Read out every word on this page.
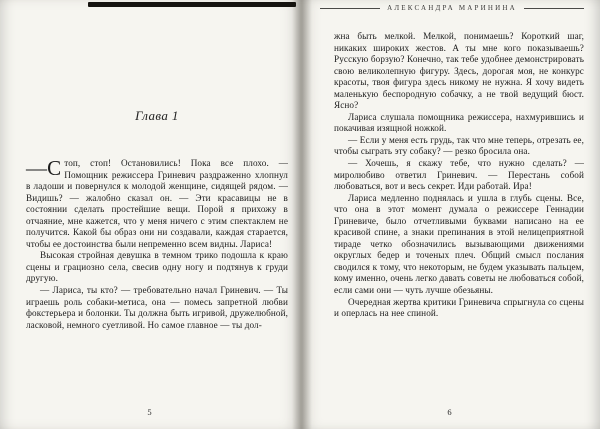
Глава 1

—С топ, стоп! Остановились! Пока все плохо. — Помощник режиссера Гриневич раздраженно хлопнул в ладоши и повернулся к молодой женщине, сидящей рядом. — Видишь? — жалобно сказал он. — Эти красавицы не в состоянии сделать простейшие вещи. Порой я прихожу в отчаяние, мне кажется, что у меня ничего с этим спектаклем не получится. Какой бы образ они ни создавали, каждая старается, чтобы ее достоинства были непременно всем видны. Лариса!

Высокая стройная девушка в темном трико подошла к краю сцены и грациозно села, свесив одну ногу и подтянув к груди другую.

— Лариса, ты кто? — требовательно начал Гриневич. — Ты играешь роль собаки-метиса, она — помесь запретной любви фокстерьера и болонки. Ты должна быть игривой, дружелюбной, ласковой, немного суетливой. Но самое главное — ты дол-

5
АЛЕКСАНДРА МАРИНИНА

жна быть мелкой. Мелкой, понимаешь? Короткий шаг, никаких широких жестов. А ты мне кого показываешь? Русскую борзую? Конечно, так тебе удобнее демонстрировать свою великолепную фигуру. Здесь, дорогая моя, не конкурс красоты, твоя фигура здесь никому не нужна. Я хочу видеть маленькую беспородную собачку, а не твой ведущий бюст. Ясно?

Лариса слушала помощника режиссера, нахмурившись и покачивая изящной ножкой.

— Если у меня есть грудь, так что мне теперь, отрезать ее, чтобы сыграть эту собаку? — резко бросила она.

— Хочешь, я скажу тебе, что нужно сделать? — миролюбиво ответил Гриневич. — Перестань собой любоваться, вот и весь секрет. Иди работай. Ира!

Лариса медленно поднялась и ушла в глубь сцены. Все, что она в этот момент думала о режиссере Геннадии Гриневиче, было отчетливыми буквами написано на ее красивой спине, а знаки препинания в этой нелицеприятной тираде четко обозначились вызывающими движениями округлых бедер и точеных плеч. Общий смысл послания сводился к тому, что некоторым, не будем указывать пальцем, кому именно, очень легко давать советы не любоваться собой, если сами они — чуть лучше обезьяны.

Очередная жертва критики Гриневича спрыгнула со сцены и оперлась на нее спиной.

6
